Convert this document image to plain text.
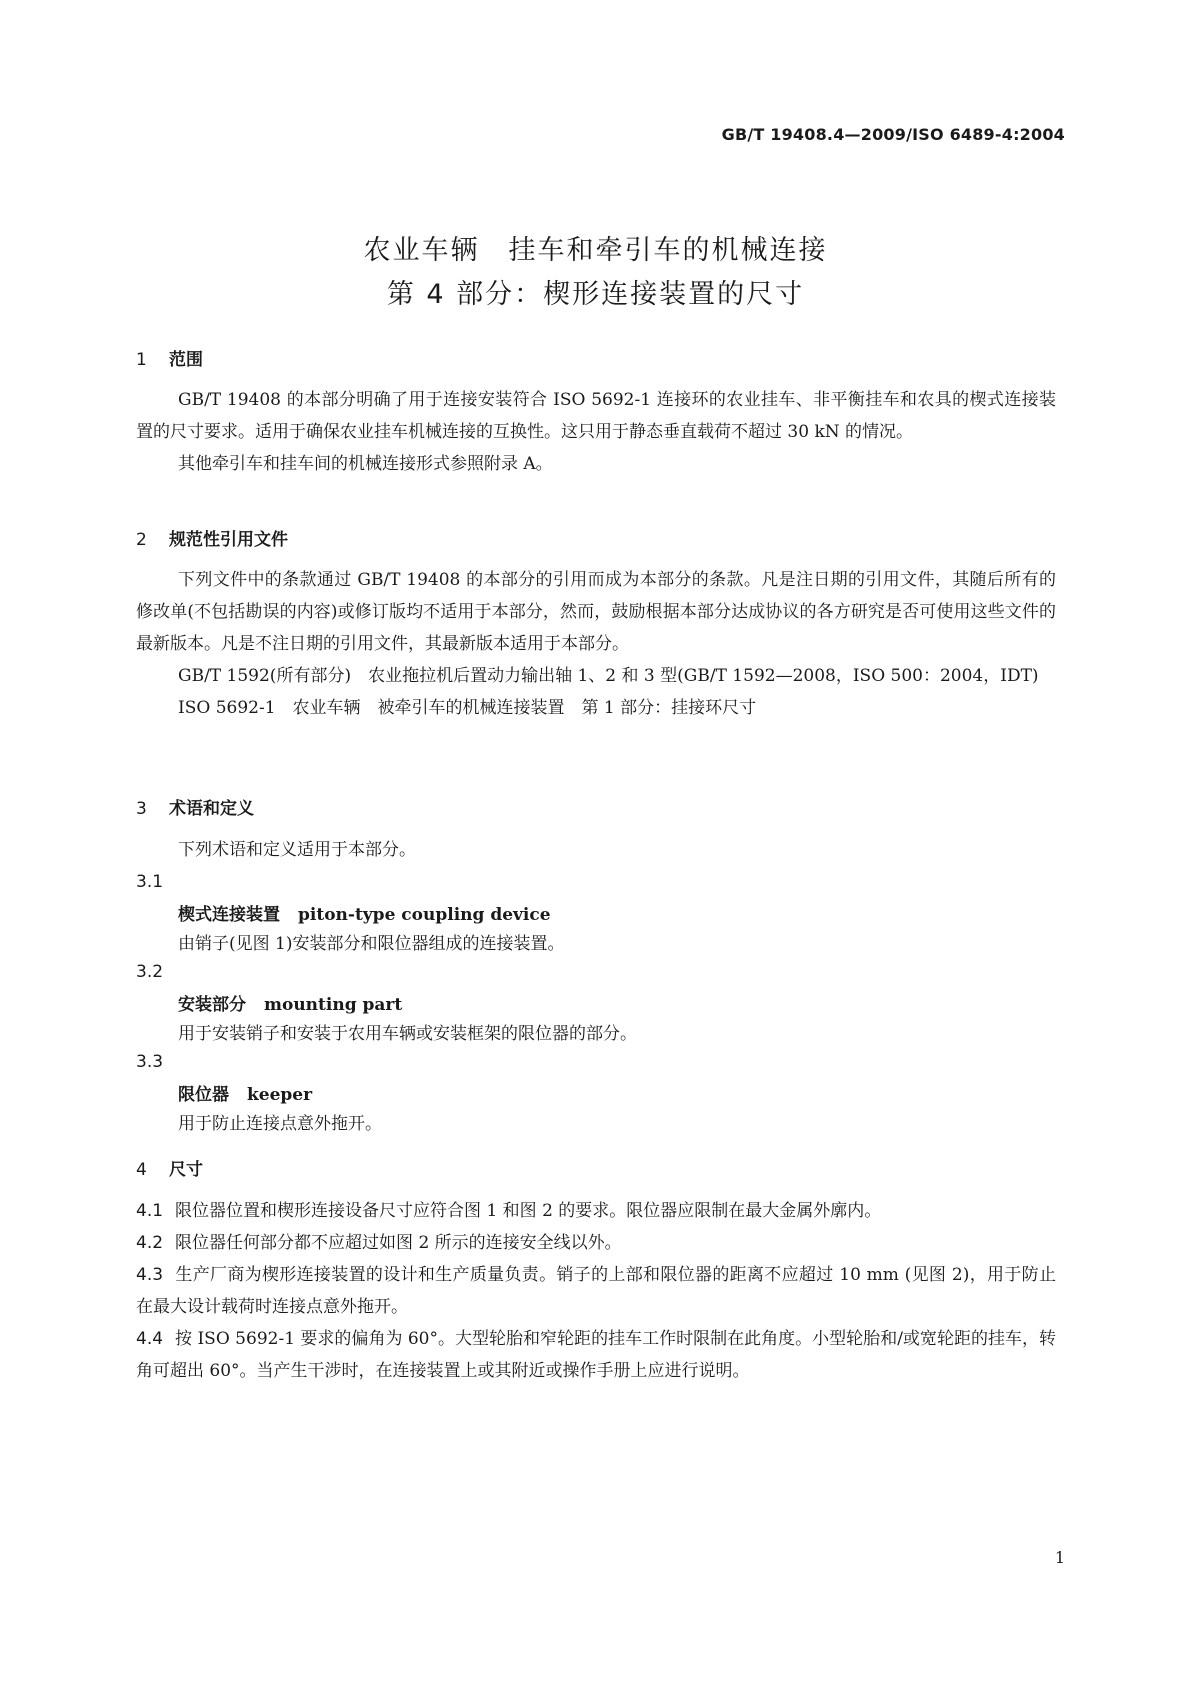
GB/T 19408.4—2009/ISO 6489-4:2004
农业车辆　挂车和牵引车的机械连接
第 4 部分：楔形连接装置的尺寸
1 范围

GB/T 19408 的本部分明确了用于连接安装符合 ISO 5692-1 连接环的农业挂车、非平衡挂车和农具的楔式连接装置的尺寸要求。适用于确保农业挂车机械连接的互换性。这只用于静态垂直载荷不超过 30 kN 的情况。

其他牵引车和挂车间的机械连接形式参照附录 A。

2 规范性引用文件

下列文件中的条款通过 GB/T 19408 的本部分的引用而成为本部分的条款。凡是注日期的引用文件，其随后所有的修改单(不包括勘误的内容)或修订版均不适用于本部分，然而，鼓励根据本部分达成协议的各方研究是否可使用这些文件的最新版本。凡是不注日期的引用文件，其最新版本适用于本部分。

GB/T 1592(所有部分)　农业拖拉机后置动力输出轴 1、2 和 3 型(GB/T 1592—2008，ISO 500：2004，IDT)

ISO 5692-1　农业车辆　被牵引车的机械连接装置　第 1 部分：挂接环尺寸

3 术语和定义

下列术语和定义适用于本部分。

3.1
楔式连接装置 piton-type coupling device
由销子(见图 1)安装部分和限位器组成的连接装置。
3.2
安装部分 mounting part
用于安装销子和安装于农用车辆或安装框架的限位器的部分。
3.3
限位器 keeper
用于防止连接点意外拖开。
4 尺寸

4.1 限位器位置和楔形连接设备尺寸应符合图 1 和图 2 的要求。限位器应限制在最大金属外廓内。

4.2 限位器任何部分都不应超过如图 2 所示的连接安全线以外。

4.3 生产厂商为楔形连接装置的设计和生产质量负责。销子的上部和限位器的距离不应超过 10 mm (见图 2)，用于防止在最大设计载荷时连接点意外拖开。

4.4 按 ISO 5692-1 要求的偏角为 60°。大型轮胎和窄轮距的挂车工作时限制在此角度。小型轮胎和/或宽轮距的挂车，转角可超出 60°。当产生干涉时，在连接装置上或其附近或操作手册上应进行说明。

1
